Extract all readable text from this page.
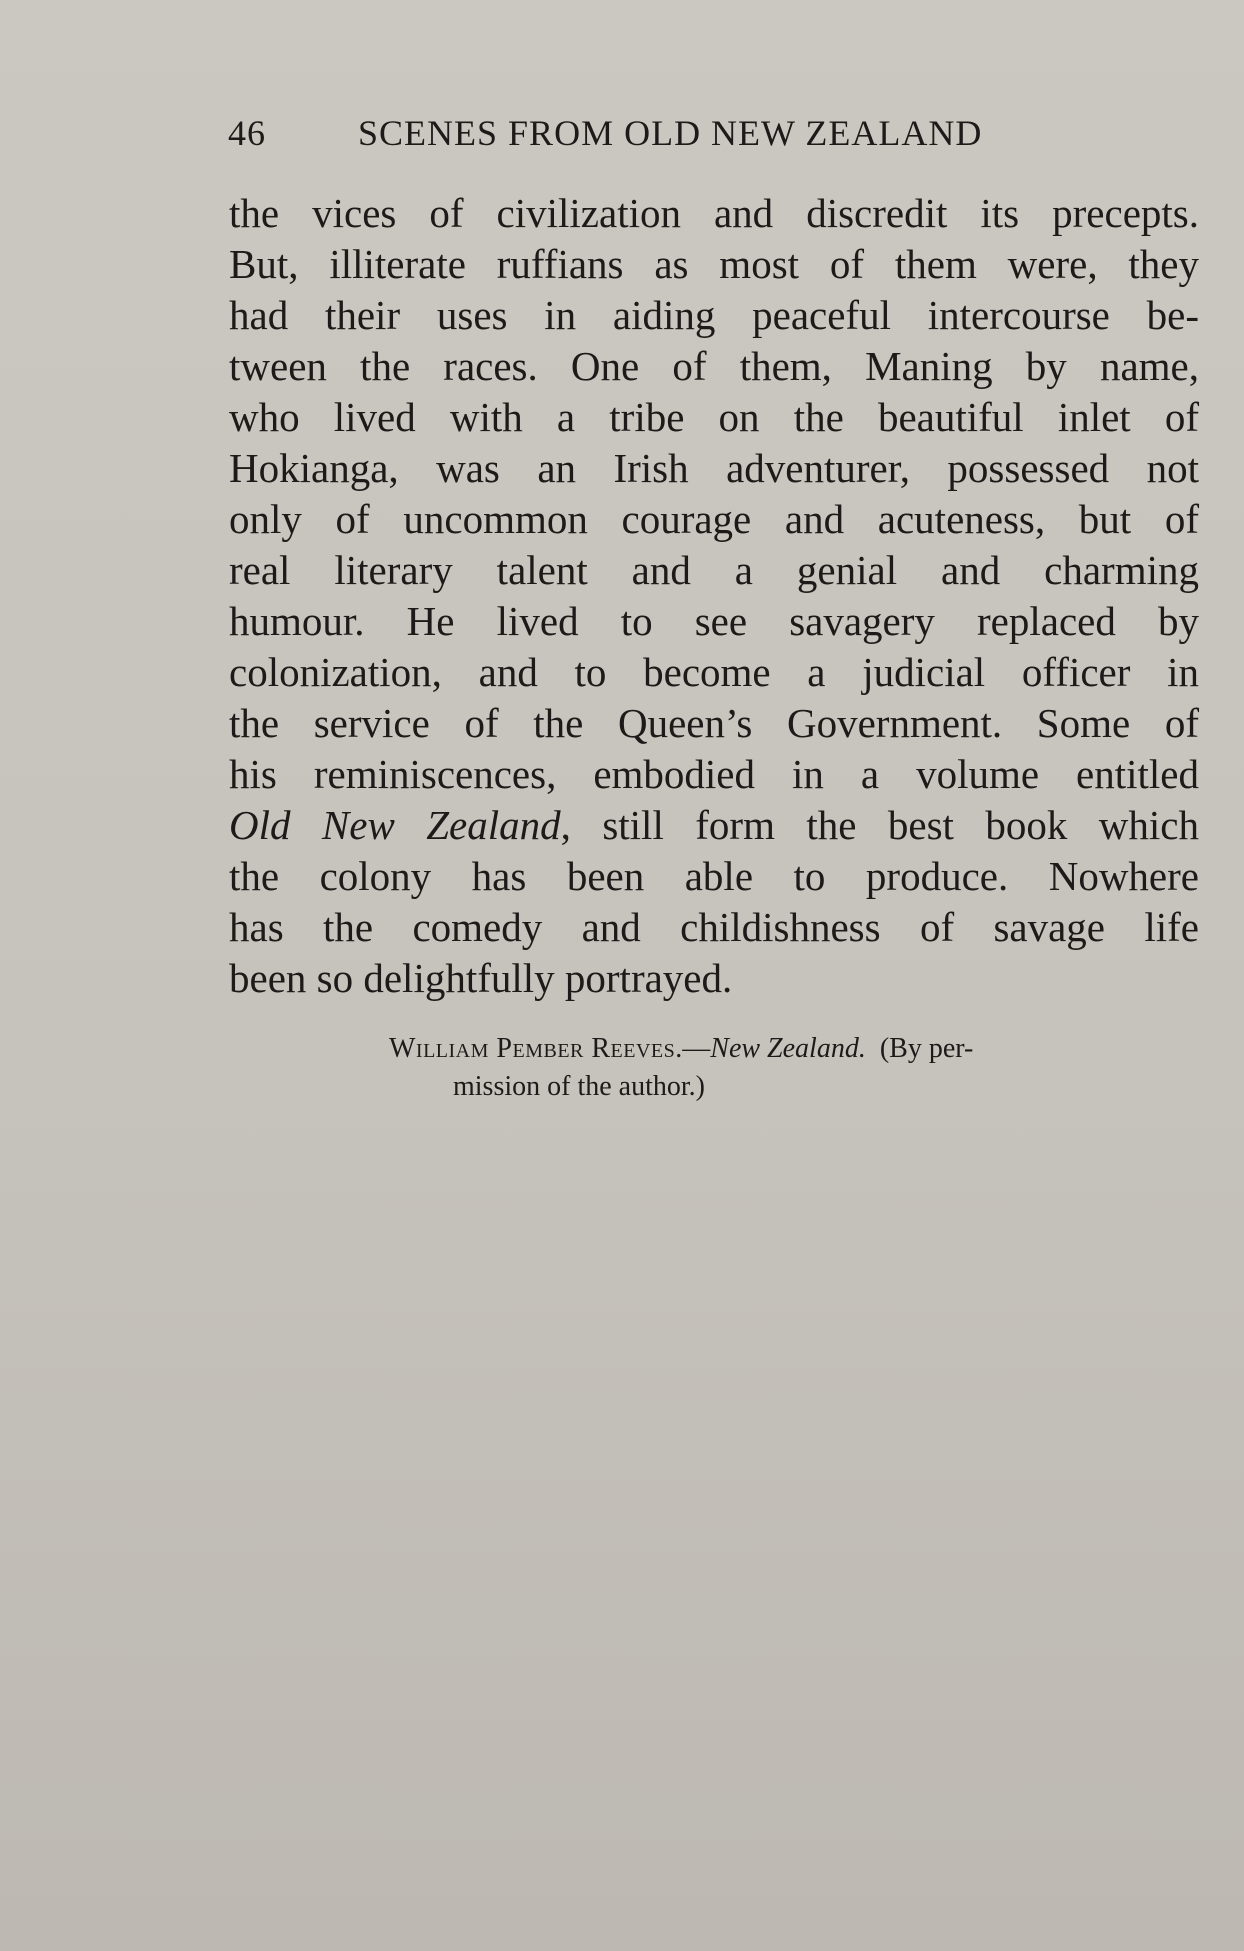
46	SCENES FROM OLD NEW ZEALAND
the vices of civilization and discredit its precepts.
But, illiterate ruffians as most of them were, they
had their uses in aiding peaceful intercourse be-
tween the races. One of them, Maning by name,
who lived with a tribe on the beautiful inlet of
Hokianga, was an Irish adventurer, possessed not
only of uncommon courage and acuteness, but of
real literary talent and a genial and charming
humour. He lived to see savagery replaced by
colonization, and to become a judicial officer in
the service of the Queen’s Government. Some of
his reminiscences, embodied in a volume entitled
Old New Zealand, still form the best book which
the colony has been able to produce. Nowhere
has the comedy and childishness of savage life
been so delightfully portrayed.
William Pember Reeves.—New Zealand. (By per-
mission of the author.)
